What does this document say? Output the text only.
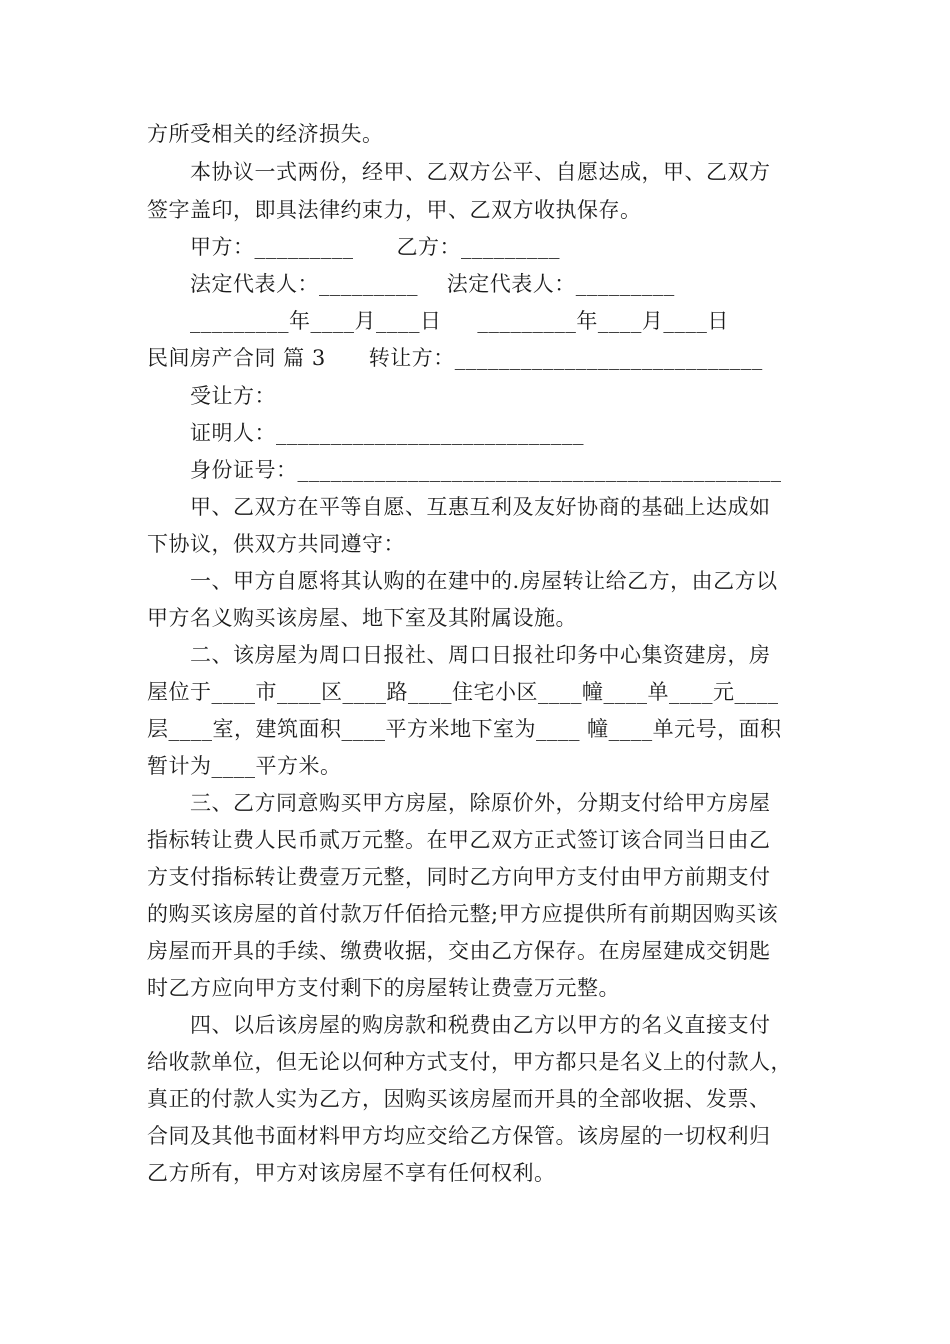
方所受相关的经济损失。
本协议一式两份，经甲、乙双方公平、自愿达成，甲、乙双方
签字盖印，即具法律约束力，甲、乙双方收执保存。
甲方：_________      乙方：_________
法定代表人：_________    法定代表人：_________
_________年____月____日     _________年____月____日
民间房产合同 篇 3      转让方：____________________________
受让方：
证明人：____________________________
身份证号：____________________________________________
甲、乙双方在平等自愿、互惠互利及友好协商的基础上达成如
下协议，供双方共同遵守：
一、甲方自愿将其认购的在建中的.房屋转让给乙方，由乙方以
甲方名义购买该房屋、地下室及其附属设施。
二、该房屋为周口日报社、周口日报社印务中心集资建房，房
屋位于____市____区____路____住宅小区____幢____单____元____
层____室，建筑面积____平方米地下室为____ 幢____单元号，面积
暂计为____平方米。
三、乙方同意购买甲方房屋，除原价外，分期支付给甲方房屋
指标转让费人民币贰万元整。在甲乙双方正式签订该合同当日由乙
方支付指标转让费壹万元整，同时乙方向甲方支付由甲方前期支付
的购买该房屋的首付款万仟佰拾元整;甲方应提供所有前期因购买该
房屋而开具的手续、缴费收据，交由乙方保存。在房屋建成交钥匙
时乙方应向甲方支付剩下的房屋转让费壹万元整。
四、以后该房屋的购房款和税费由乙方以甲方的名义直接支付
给收款单位，但无论以何种方式支付，甲方都只是名义上的付款人，
真正的付款人实为乙方，因购买该房屋而开具的全部收据、发票、
合同及其他书面材料甲方均应交给乙方保管。该房屋的一切权利归
乙方所有，甲方对该房屋不享有任何权利。
